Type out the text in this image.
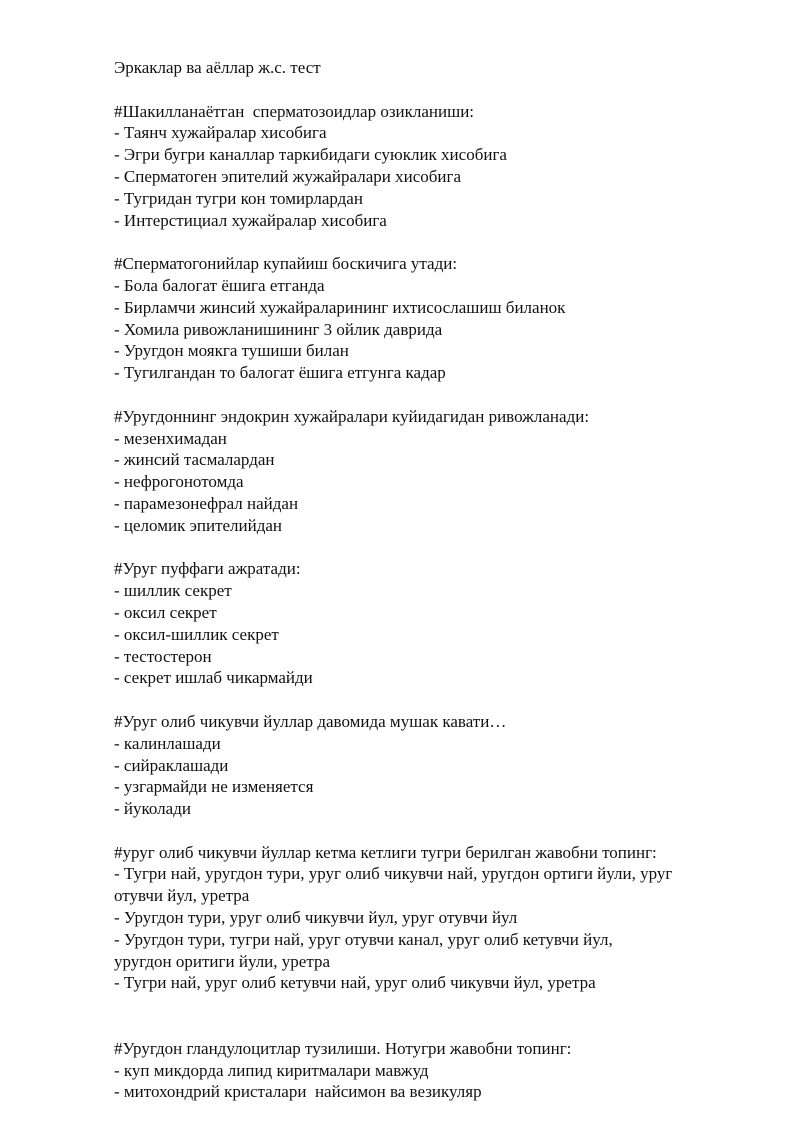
Эркаклар ва аёллар ж.с. тест

#Шакилланаётган  сперматозоидлар озикланиши:

- Таянч хужайралар хисобига

- Эгри бугри каналлар таркибидаги суюклик хисобига

- Сперматоген эпителий жужайралари хисобига

- Тугридан тугри кон томирлардан

- Интерстициал хужайралар хисобига

#Сперматогонийлар купайиш боскичига утади:

- Бола балогат ёшига етганда

- Бирламчи жинсий хужайраларининг ихтисослашиш биланок

- Хомила ривожланишининг 3 ойлик даврида

- Уругдон моякга тушиши билан

- Тугилгандан то балогат ёшига етгунга кадар

#Уругдоннинг эндокрин хужайралари куйидагидан ривожланади:

- мезенхимадан

- жинсий тасмалардан

- нефрогонотомда

- парамезонефрал найдан

- целомик эпителийдан

#Уруг пуффаги ажратади:

- шиллик секрет

- оксил секрет

- оксил-шиллик секрет

- тестостерон

- секрет ишлаб чикармайди

#Уруг олиб чикувчи йуллар давомида мушак кавати…

- калинлашади

- сийраклашади

- узгармайди не изменяется

- йуколади

#уруг олиб чикувчи йуллар кетма кетлиги тугри берилган жавобни топинг:

- Тугри най, уругдон тури, уруг олиб чикувчи най, уругдон ортиги йули, уруг

отувчи йул, уретра

- Уругдон тури, уруг олиб чикувчи йул, уруг отувчи йул

- Уругдон тури, тугри най, уруг отувчи канал, уруг олиб кетувчи йул,

уругдон оритиги йули, уретра

- Тугри най, уруг олиб кетувчи най, уруг олиб чикувчи йул, уретра

#Уругдон гландулоцитлар тузилиши. Нотугри жавобни топинг:

- куп микдорда липид киритмалари мавжуд

- митохондрий кристалари  найсимон ва везикуляр
